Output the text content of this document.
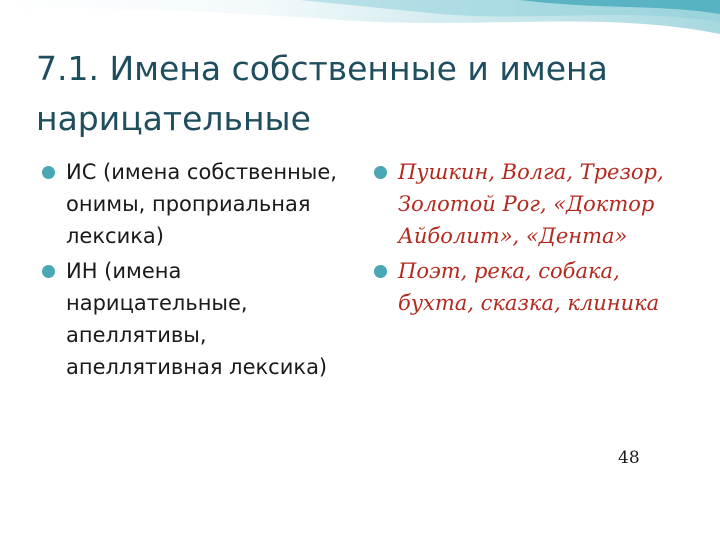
7.1. Имена собственные и имена нарицательные
ИС (имена собственные, онимы, проприальная лексика)
ИН (имена нарицательные, апеллятивы, апеллятивная лексика)
Пушкин, Волга, Трезор, Золотой Рог, «Доктор Айболит», «Дента»
Поэт, река, собака, бухта, сказка, клиника
48
